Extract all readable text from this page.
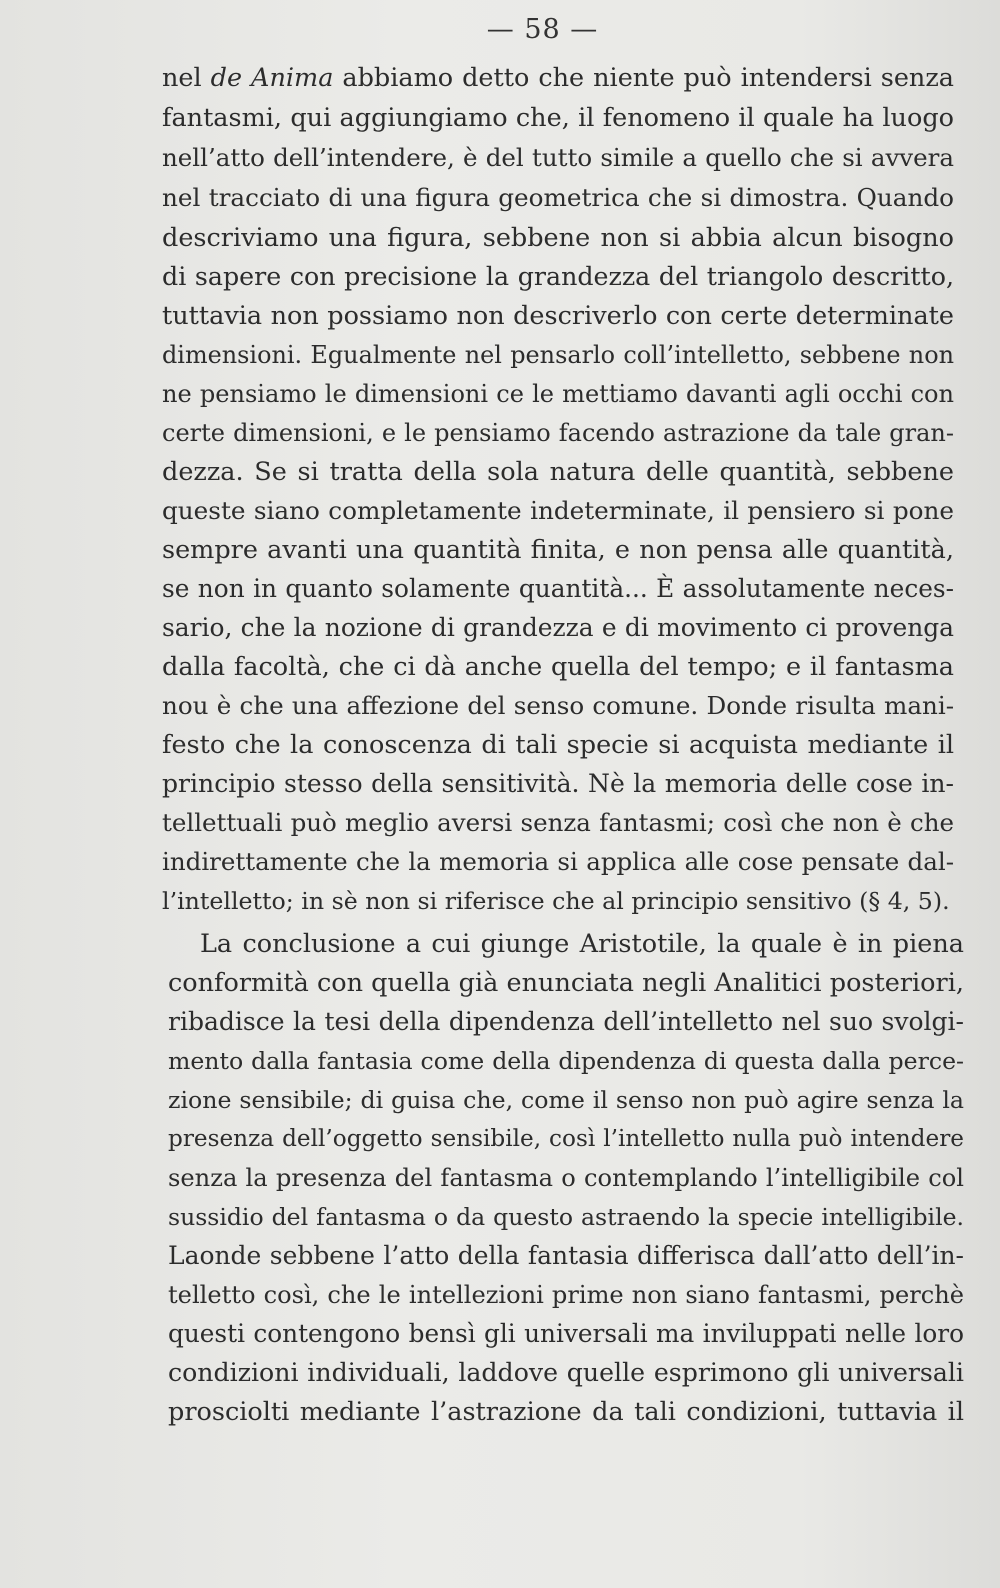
— 58 —
nel de Anima abbiamo detto che niente può intendersi senza
fantasmi, qui aggiungiamo che, il fenomeno il quale ha luogo
nell’atto dell’intendere, è del tutto simile a quello che si avvera
nel tracciato di una figura geometrica che si dimostra. Quando
descriviamo una figura, sebbene non si abbia alcun bisogno
di sapere con precisione la grandezza del triangolo descritto,
tuttavia non possiamo non descriverlo con certe determinate
dimensioni. Egualmente nel pensarlo coll’intelletto, sebbene non
ne pensiamo le dimensioni ce le mettiamo davanti agli occhi con
certe dimensioni, e le pensiamo facendo astrazione da tale gran-
dezza. Se si tratta della sola natura delle quantità, sebbene
queste siano completamente indeterminate, il pensiero si pone
sempre avanti una quantità finita, e non pensa alle quantità,
se non in quanto solamente quantità... È assolutamente neces-
sario, che la nozione di grandezza e di movimento ci provenga
dalla facoltà, che ci dà anche quella del tempo; e il fantasma
nou è che una affezione del senso comune. Donde risulta mani-
festo che la conoscenza di tali specie si acquista mediante il
principio stesso della sensitività. Nè la memoria delle cose in-
tellettuali può meglio aversi senza fantasmi; così che non è che
indirettamente che la memoria si applica alle cose pensate dal-
l’intelletto; in sè non si riferisce che al principio sensitivo (§ 4, 5).
La conclusione a cui giunge Aristotile, la quale è in piena
conformità con quella già enunciata negli Analitici posteriori,
ribadisce la tesi della dipendenza dell’intelletto nel suo svolgi-
mento dalla fantasia come della dipendenza di questa dalla perce-
zione sensibile; di guisa che, come il senso non può agire senza la
presenza dell’oggetto sensibile, così l’intelletto nulla può intendere
senza la presenza del fantasma o contemplando l’intelligibile col
sussidio del fantasma o da questo astraendo la specie intelligibile.
Laonde sebbene l’atto della fantasia differisca dall’atto dell’in-
telletto così, che le intellezioni prime non siano fantasmi, perchè
questi contengono bensì gli universali ma inviluppati nelle loro
condizioni individuali, laddove quelle esprimono gli universali
prosciolti mediante l’astrazione da tali condizioni, tuttavia il
